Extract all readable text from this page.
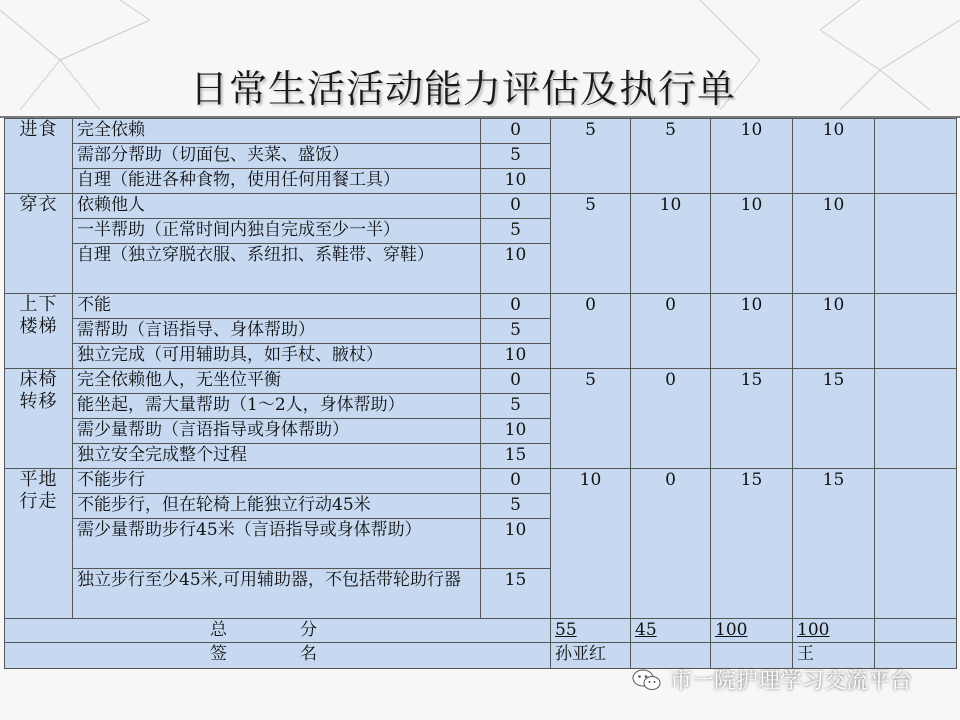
日常生活活动能力评估及执行单
进食	完全依赖	0	5	5	10	10	
	需部分帮助（切面包、夹菜、盛饭）	5					
	自理（能进各种食物，使用任何用餐工具）	10					
穿衣	依赖他人	0	5	10	10	10	
	一半帮助（正常时间内独自完成至少一半）	5					
	自理（独立穿脱衣服、系纽扣、系鞋带、穿鞋）	10					
上下楼梯	不能	0	0	0	10	10	
	需帮助（言语指导、身体帮助）	5					
	独立完成（可用辅助具，如手杖、腋杖）	10					
床椅转移	完全依赖他人，无坐位平衡	0	5	0	15	15	
	能坐起，需大量帮助（1～2人，身体帮助）	5					
	需少量帮助（言语指导或身体帮助）	10					
	独立安全完成整个过程	15					
平地行走	不能步行	0	10	0	15	15	
	不能步行，但在轮椅上能独立行动45米	5					
	需少量帮助步行45米（言语指导或身体帮助）	10					
	独立步行至少45米,可用辅助器，不包括带轮助行器	15					
总　分			55	45	100	100	
签　名			孙亚红			王	
市一院护理学习交流平台
